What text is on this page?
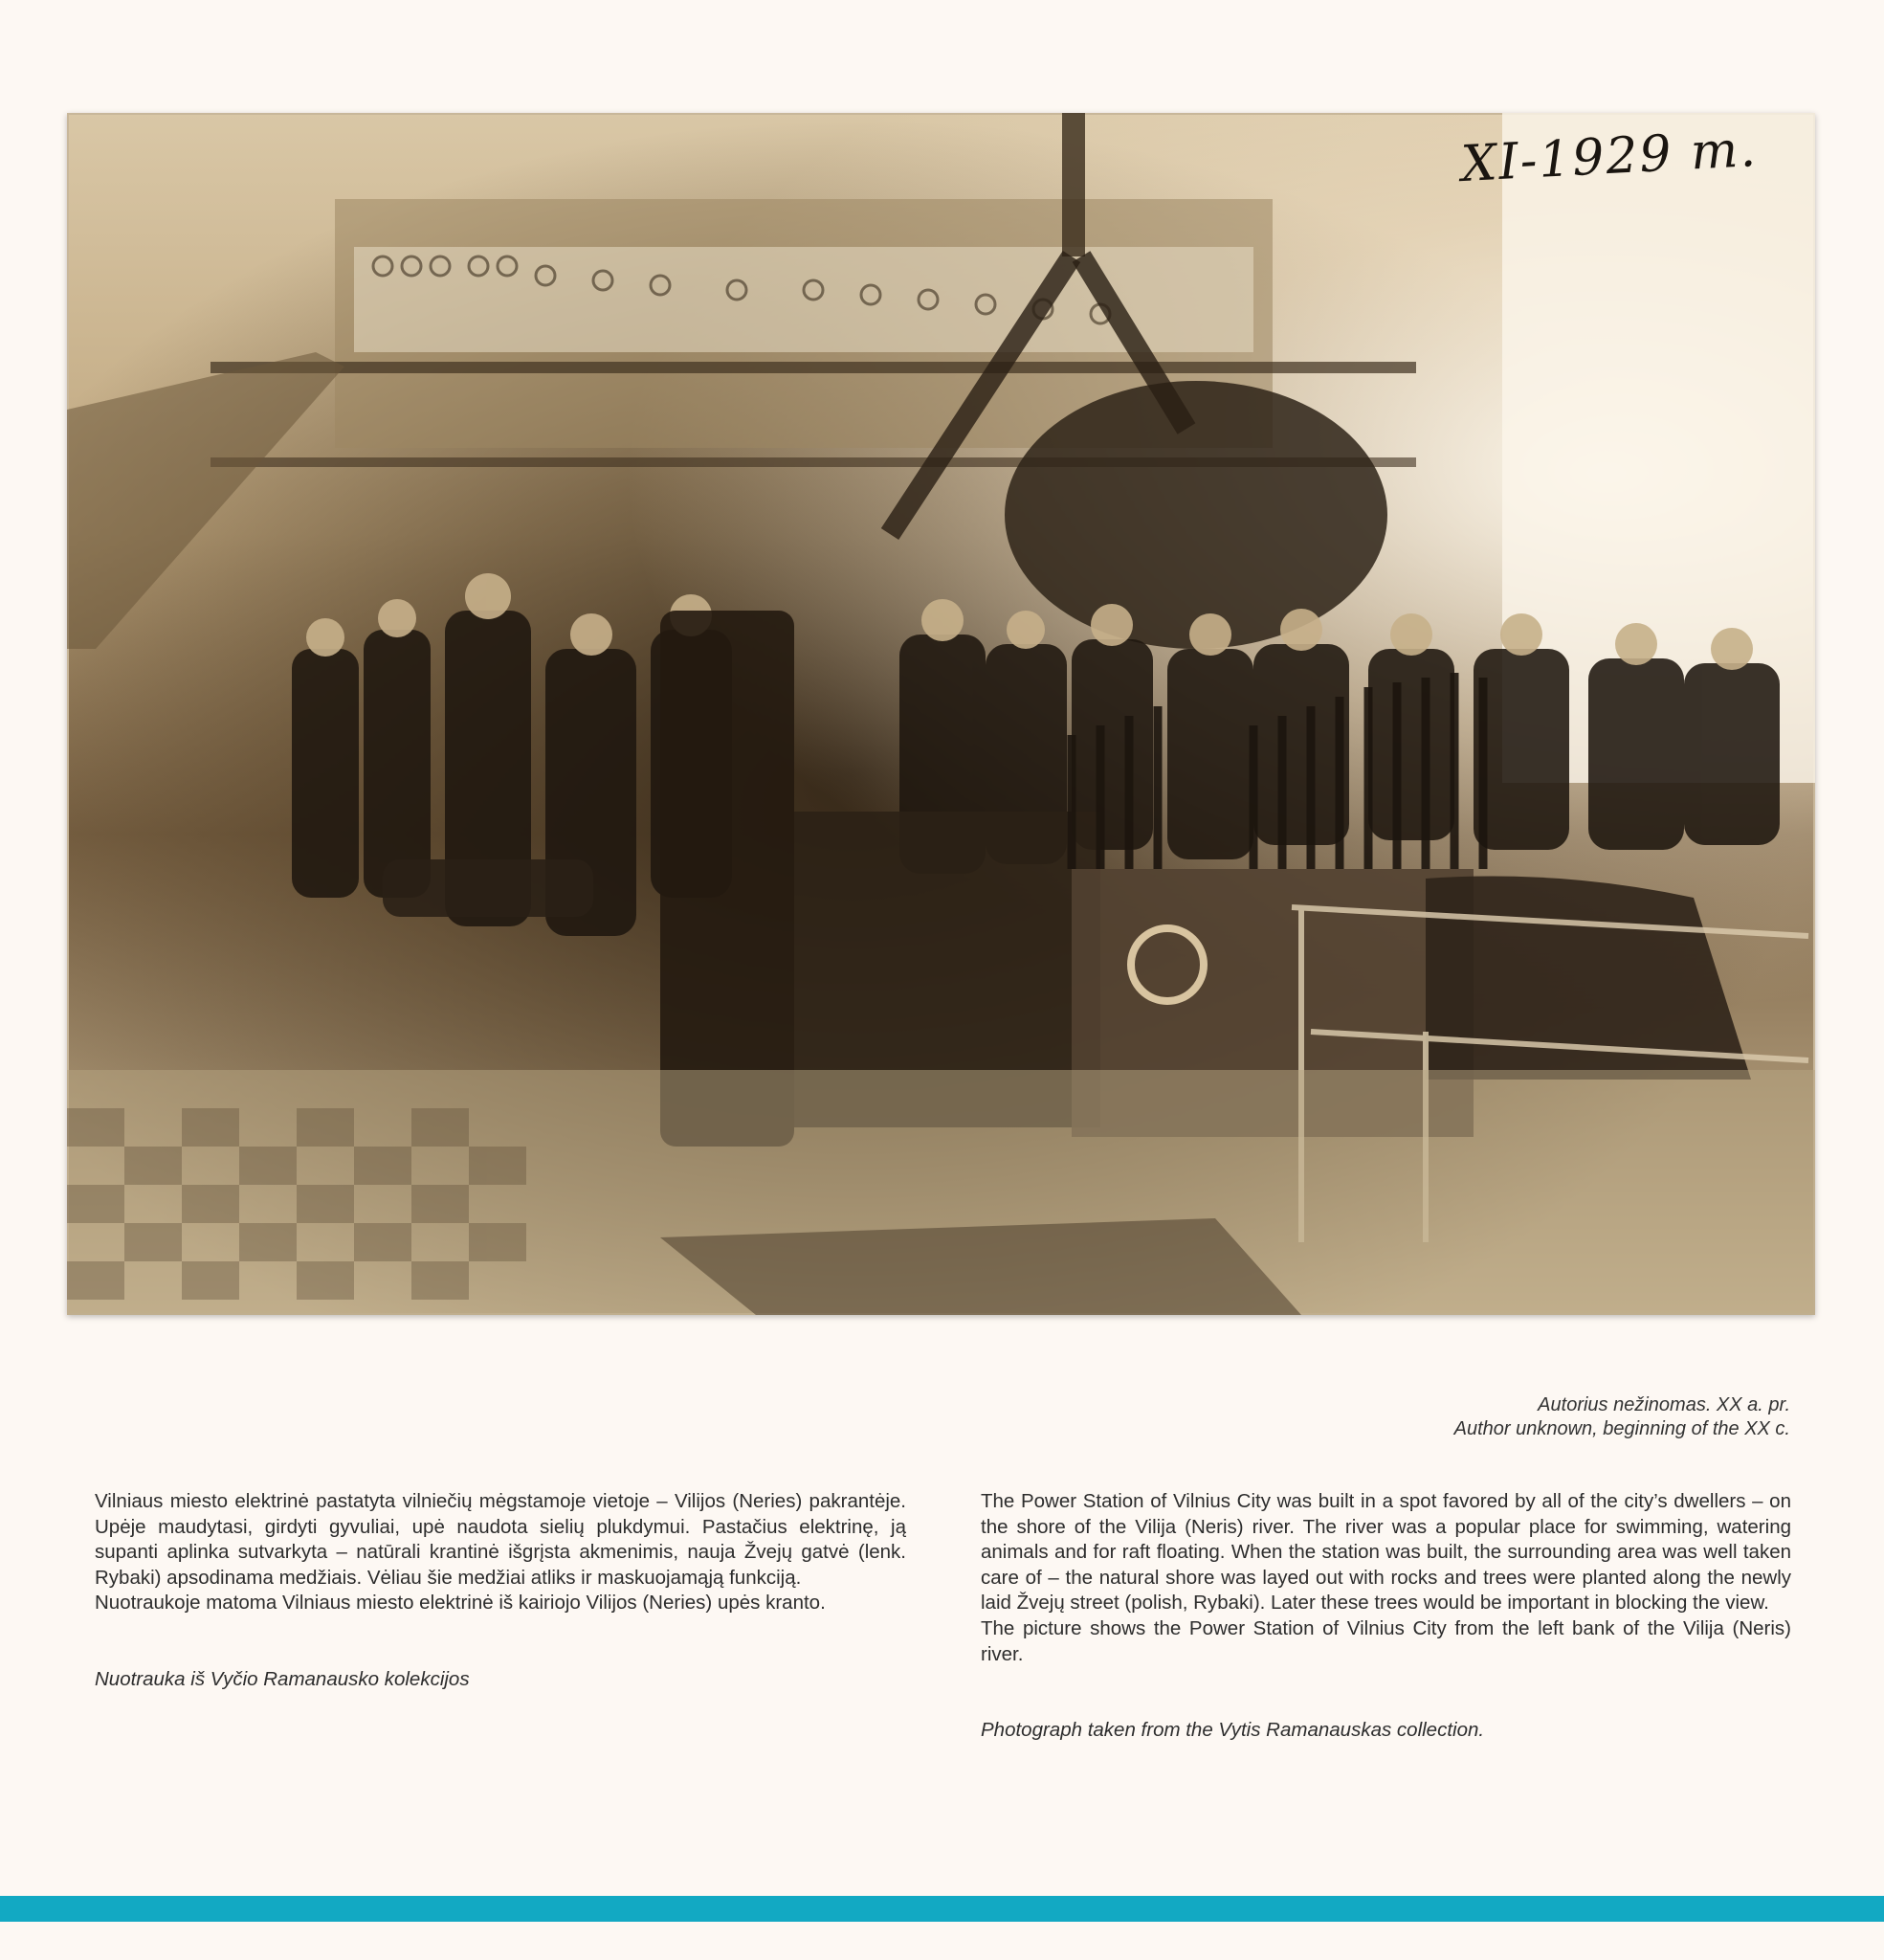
XI-1929 m.
Autorius nežinomas. XX a. pr.
Author unknown, beginning of the XX c.

Vilniaus miesto elektrinė pastatyta vilniečių mėgstamoje vietoje – Vilijos (Neries) pakrantėje. Upėje maudytasi, girdyti gyvuliai, upė naudota sielių plukdymui. Pastačius elektrinę, ją supanti aplinka sutvarkyta – natūrali krantinė išgrįsta akmenimis, nauja Žvejų gatvė (lenk. Rybaki) apsodinama medžiais. Vėliau šie medžiai atliks ir maskuojamąją funkciją.

Nuotraukoje matoma Vilniaus miesto elektrinė iš kairiojo Vilijos (Neries) upės kranto.

Nuotrauka iš Vyčio Ramanausko kolekcijos

The Power Station of Vilnius City was built in a spot favored by all of the city’s dwellers – on the shore of the Vilija (Neris) river. The river was a popular place for swimming, watering animals and for raft floating. When the station was built, the surrounding area was well taken care of – the natural shore was layed out with rocks and trees were planted along the newly laid Žvejų street (polish, Rybaki). Later these trees would be important in blocking the view.

The picture shows the Power Station of Vilnius City from the left bank of the Vilija (Neris) river.

Photograph taken from the Vytis Ramanauskas collection.
